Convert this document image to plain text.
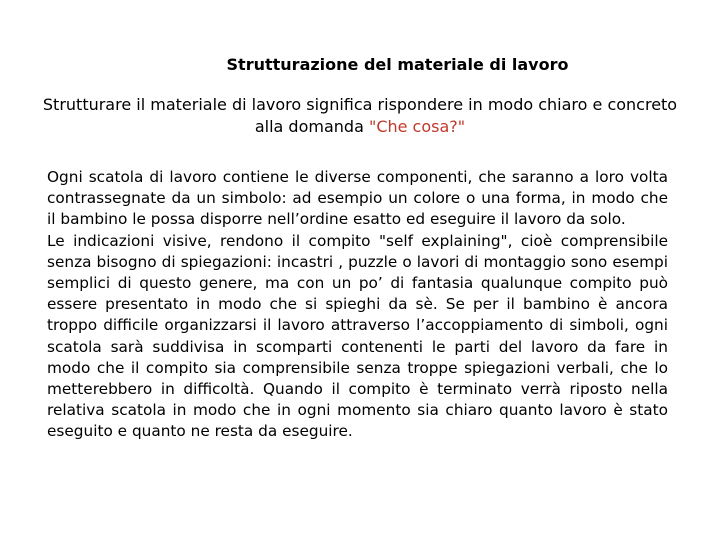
Strutturazione del materiale di lavoro
Strutturare il materiale di lavoro significa rispondere in modo chiaro e concreto alla domanda "Che cosa?"

Ogni scatola di lavoro contiene le diverse componenti, che saranno a loro volta contrassegnate da un simbolo: ad esempio un colore o una forma, in modo che il bambino le possa disporre nell’ordine esatto ed eseguire il lavoro da solo.

Le indicazioni visive, rendono il compito "self explaining", cioè comprensibile senza bisogno di spiegazioni: incastri , puzzle o lavori di montaggio sono esempi semplici di questo genere, ma con un po’ di fantasia qualunque compito può essere presentato in modo che si spieghi da sè. Se per il bambino è ancora troppo difficile organizzarsi il lavoro attraverso l’accoppiamento di simboli, ogni scatola sarà suddivisa in scomparti contenenti le parti del lavoro da fare in modo che il compito sia comprensibile senza troppe spiegazioni verbali, che lo metterebbero in difficoltà. Quando il compito è terminato verrà riposto nella relativa scatola in modo che in ogni momento sia chiaro quanto lavoro è stato eseguito e quanto ne resta da eseguire.
